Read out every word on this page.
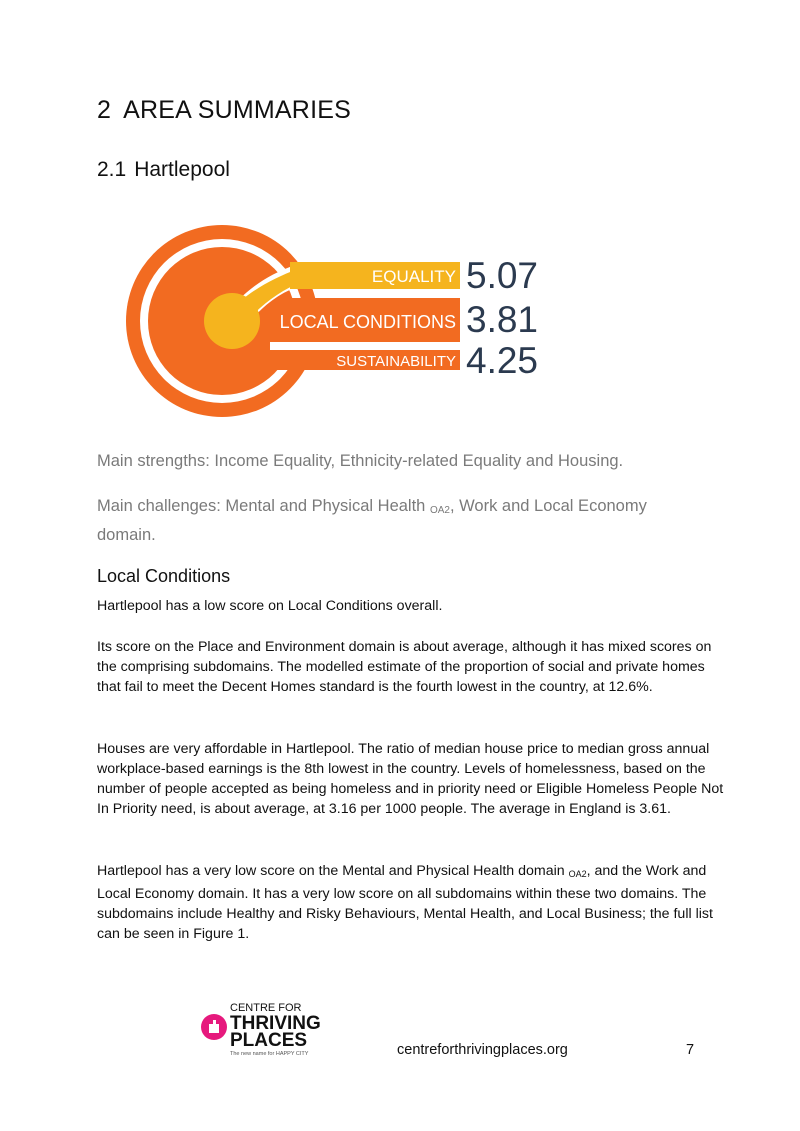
2 AREA SUMMARIES
2.1 Hartlepool
EQUALITY
LOCAL CONDITIONS
SUSTAINABILITY
5.07
3.81
4.25

Main strengths: Income Equality, Ethnicity-related Equality and Housing.

Main challenges: Mental and Physical Health $_{OA2}$, Work and Local Economy domain.

Local Conditions

Hartlepool has a low score on Local Conditions overall.

Its score on the Place and Environment domain is about average, although it has mixed scores on the comprising subdomains. The modelled estimate of the proportion of social and private homes that fail to meet the Decent Homes standard is the fourth lowest in the country, at 12.6%.

Houses are very affordable in Hartlepool. The ratio of median house price to median gross annual workplace-based earnings is the 8th lowest in the country. Levels of homelessness, based on the number of people accepted as being homeless and in priority need or Eligible Homeless People Not In Priority need, is about average, at 3.16 per 1000 people. The average in England is 3.61.

Hartlepool has a very low score on the Mental and Physical Health domain $_{OA2}$, and the Work and Local Economy domain. It has a very low score on all subdomains within these two domains. The subdomains include Healthy and Risky Behaviours, Mental Health, and Local Business; the full list can be seen in Figure 1.

CENTRE FOR
THRIVING
PLACES
The new name for HAPPY CITY	centreforthrivingplaces.org	7
